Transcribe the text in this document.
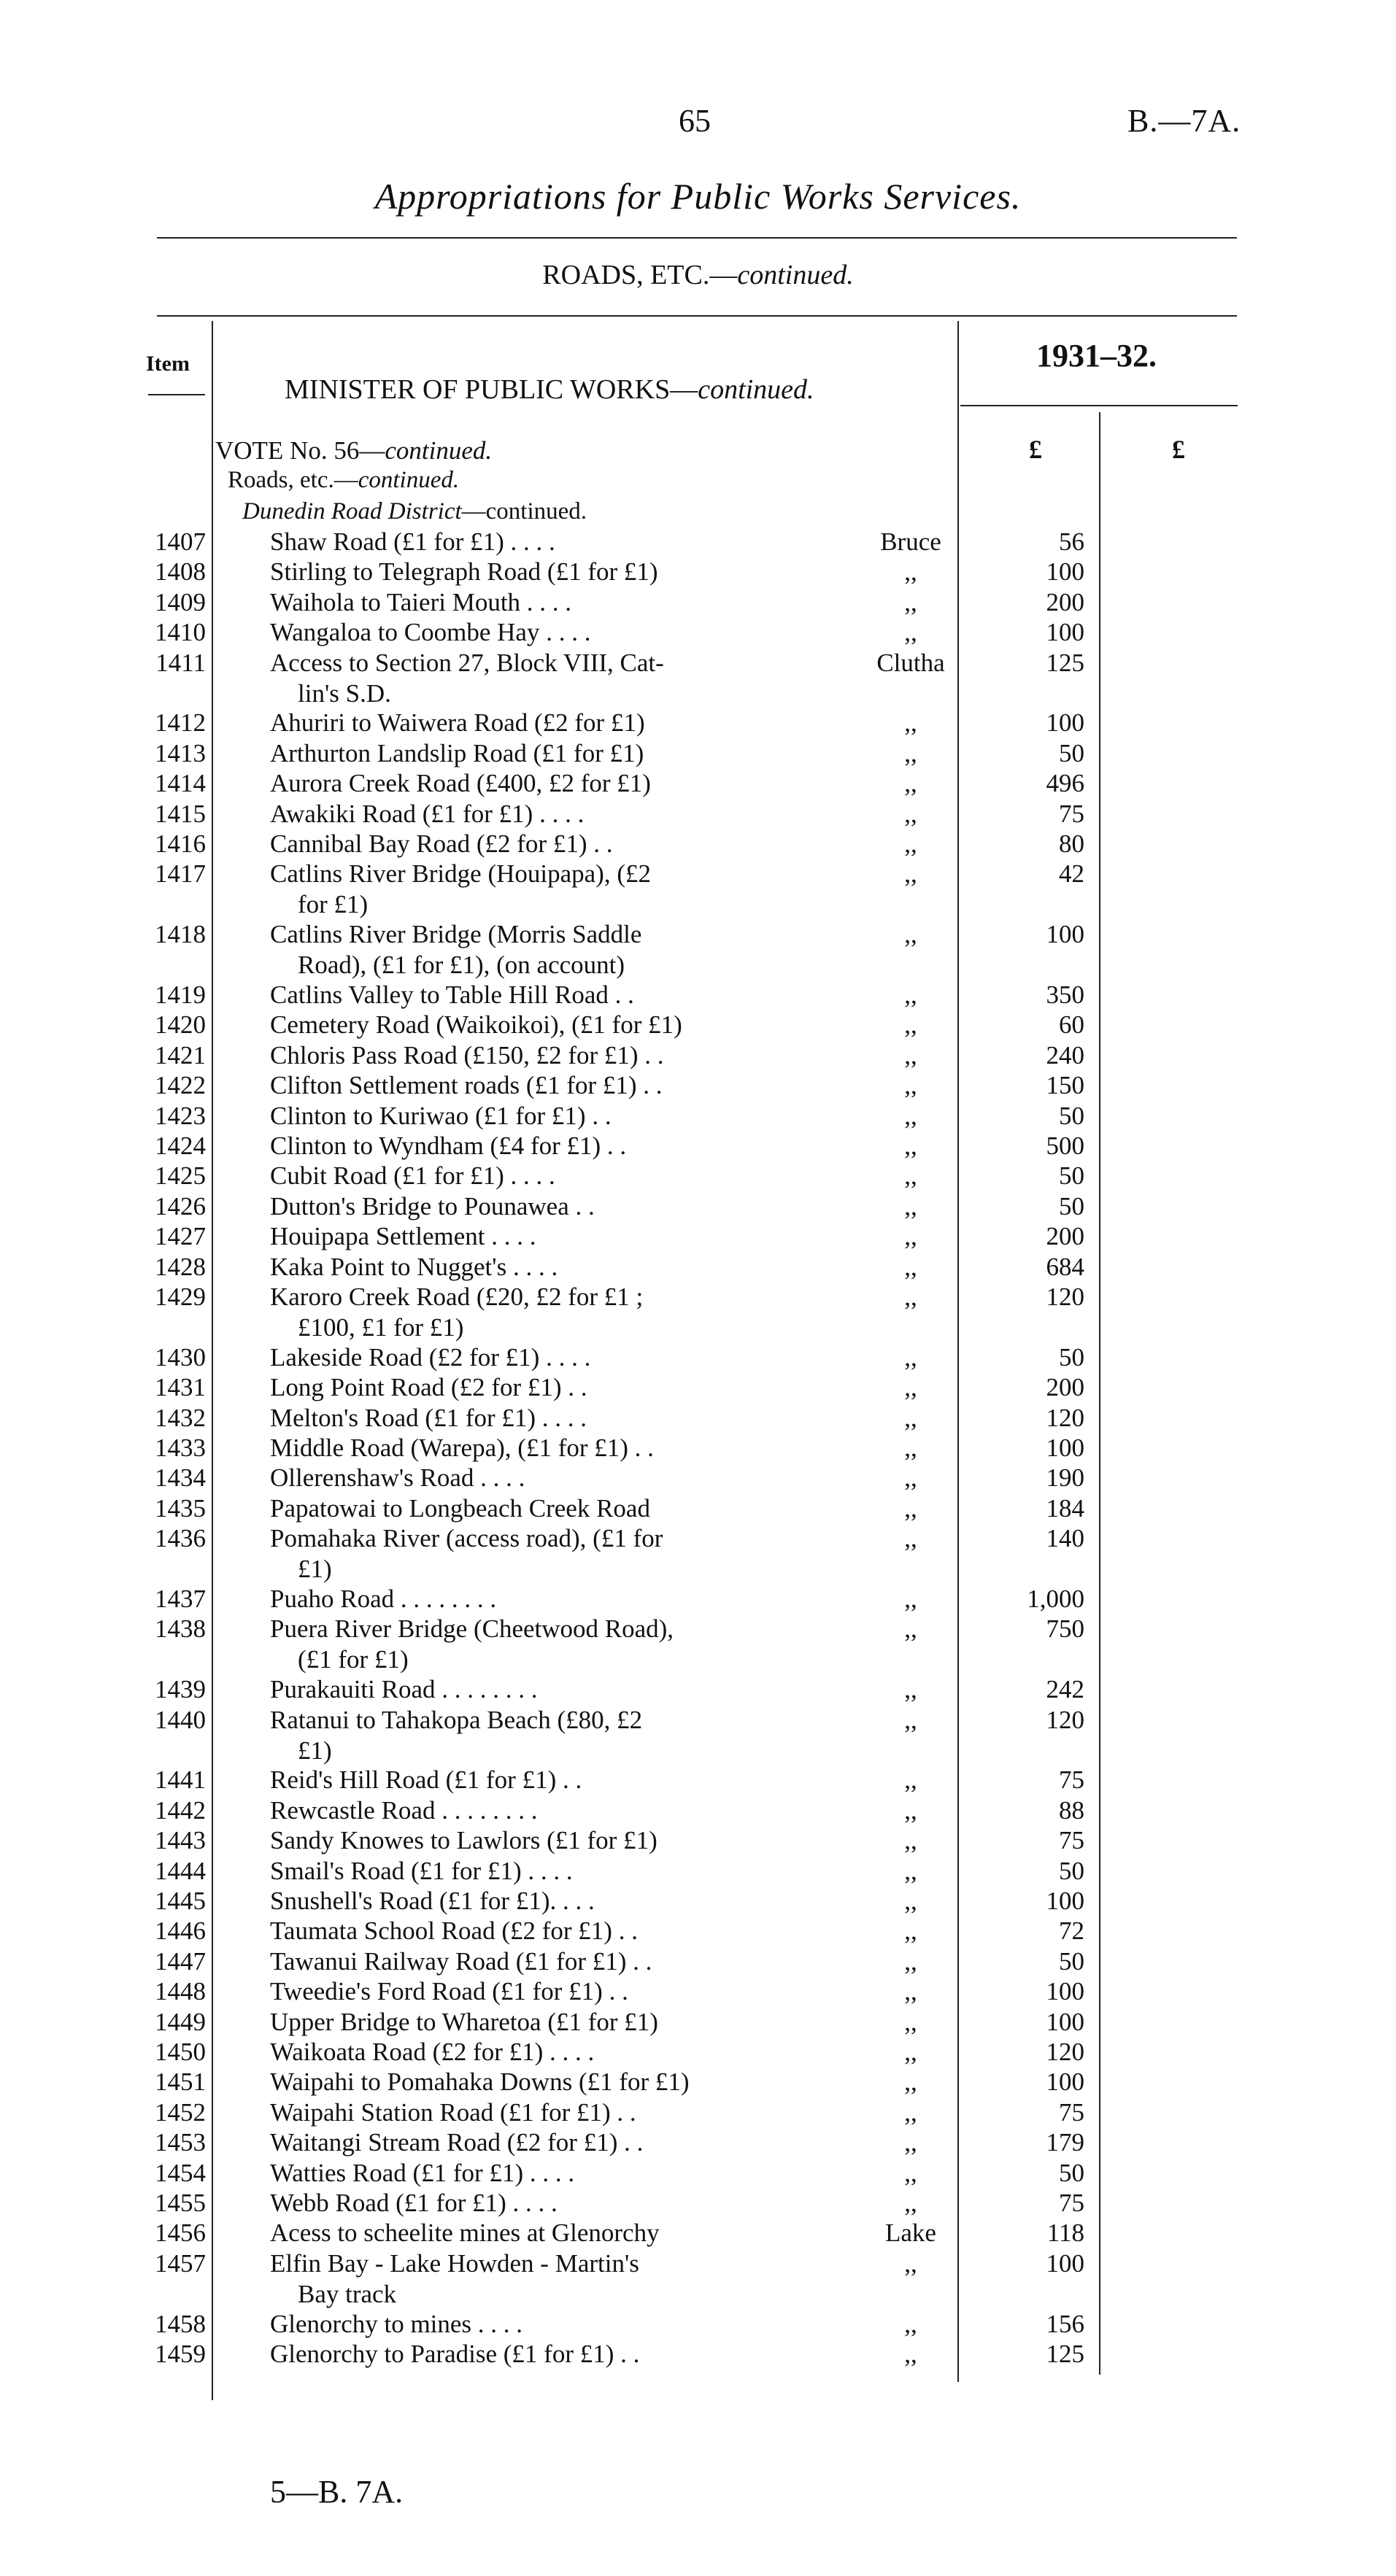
65	B.—7A.
Appropriations for Public Works Services.
ROADS, ETC.—continued.
Item
MINISTER OF PUBLIC WORKS—continued.
1931–32.
£	£
VOTE No. 56—continued.
Roads, etc.—continued.
Dunedin Road District—continued.
1407	Shaw Road (£1 for £1) . . . .	Bruce	56
1408	Stirling to Telegraph Road (£1 for £1)	,,	100
1409	Waihola to Taieri Mouth . . . .	,,	200
1410	Wangaloa to Coombe Hay . . . .	,,	100
1411	Access to Section 27, Block VIII, Cat-	Clutha	125
lin's S.D.
1412	Ahuriri to Waiwera Road (£2 for £1)	,,	100
1413	Arthurton Landslip Road (£1 for £1)	,,	50
1414	Aurora Creek Road (£400, £2 for £1)	,,	496
1415	Awakiki Road (£1 for £1) . . . .	,,	75
1416	Cannibal Bay Road (£2 for £1) . .	,,	80
1417	Catlins River Bridge (Houipapa), (£2	,,	42
for £1)
1418	Catlins River Bridge (Morris Saddle	,,	100
Road), (£1 for £1), (on account)
1419	Catlins Valley to Table Hill Road . .	,,	350
1420	Cemetery Road (Waikoikoi), (£1 for £1)	,,	60
1421	Chloris Pass Road (£150, £2 for £1) . .	,,	240
1422	Clifton Settlement roads (£1 for £1) . .	,,	150
1423	Clinton to Kuriwao (£1 for £1) . .	,,	50
1424	Clinton to Wyndham (£4 for £1) . .	,,	500
1425	Cubit Road (£1 for £1) . . . .	,,	50
1426	Dutton's Bridge to Pounawea . .	,,	50
1427	Houipapa Settlement . . . .	,,	200
1428	Kaka Point to Nugget's . . . .	,,	684
1429	Karoro Creek Road (£20, £2 for £1 ;	,,	120
£100, £1 for £1)
1430	Lakeside Road (£2 for £1) . . . .	,,	50
1431	Long Point Road (£2 for £1) . .	,,	200
1432	Melton's Road (£1 for £1) . . . .	,,	120
1433	Middle Road (Warepa), (£1 for £1) . .	,,	100
1434	Ollerenshaw's Road . . . .	,,	190
1435	Papatowai to Longbeach Creek Road	,,	184
1436	Pomahaka River (access road), (£1 for	,,	140
£1)
1437	Puaho Road . . . . . . . .	,,	1,000
1438	Puera River Bridge (Cheetwood Road),	,,	750
(£1 for £1)
1439	Purakauiti Road . . . . . . . .	,,	242
1440	Ratanui to Tahakopa Beach (£80, £2	,,	120
£1)
1441	Reid's Hill Road (£1 for £1) . .	,,	75
1442	Rewcastle Road . . . . . . . .	,,	88
1443	Sandy Knowes to Lawlors (£1 for £1)	,,	75
1444	Smail's Road (£1 for £1) . . . .	,,	50
1445	Snushell's Road (£1 for £1). . . .	,,	100
1446	Taumata School Road (£2 for £1) . .	,,	72
1447	Tawanui Railway Road (£1 for £1) . .	,,	50
1448	Tweedie's Ford Road (£1 for £1) . .	,,	100
1449	Upper Bridge to Wharetoa (£1 for £1)	,,	100
1450	Waikoata Road (£2 for £1) . . . .	,,	120
1451	Waipahi to Pomahaka Downs (£1 for £1)	,,	100
1452	Waipahi Station Road (£1 for £1) . .	,,	75
1453	Waitangi Stream Road (£2 for £1) . .	,,	179
1454	Watties Road (£1 for £1) . . . .	,,	50
1455	Webb Road (£1 for £1) . . . .	,,	75
1456	Acess to scheelite mines at Glenorchy	Lake	118
1457	Elfin Bay - Lake Howden - Martin's	,,	100
Bay track
1458	Glenorchy to mines . . . .	,,	156
1459	Glenorchy to Paradise (£1 for £1) . .	,,	125
5—B. 7A.
